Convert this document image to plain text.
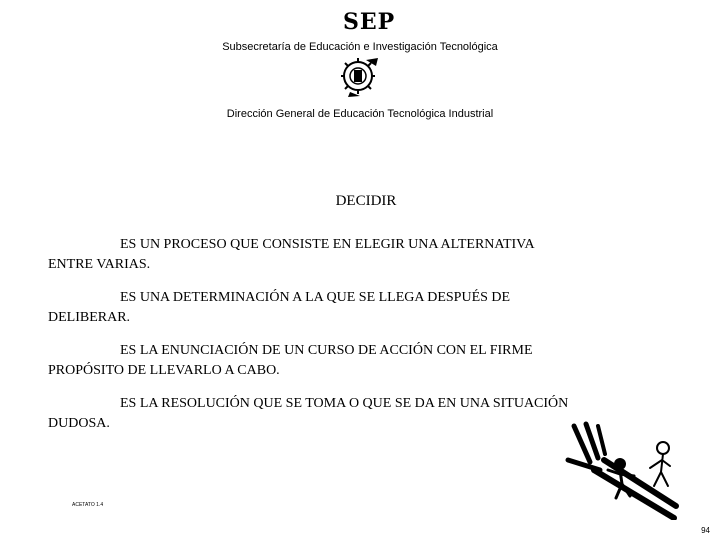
SEP
Subsecretaría de Educación e Investigación Tecnológica
Dirección General de Educación Tecnológica Industrial
DECIDIR
ES UN PROCESO QUE CONSISTE EN ELEGIR UNA ALTERNATIVA
ENTRE VARIAS.
ES UNA DETERMINACIÓN A LA QUE SE LLEGA DESPUÉS DE
DELIBERAR.
ES LA ENUNCIACIÓN DE UN CURSO DE ACCIÓN CON EL FIRME
PROPÓSITO DE LLEVARLO A CABO.
ES LA RESOLUCIÓN QUE SE TOMA O QUE SE DA EN UNA SITUACIÓN
DUDOSA.
ACETATO 1.4
94
